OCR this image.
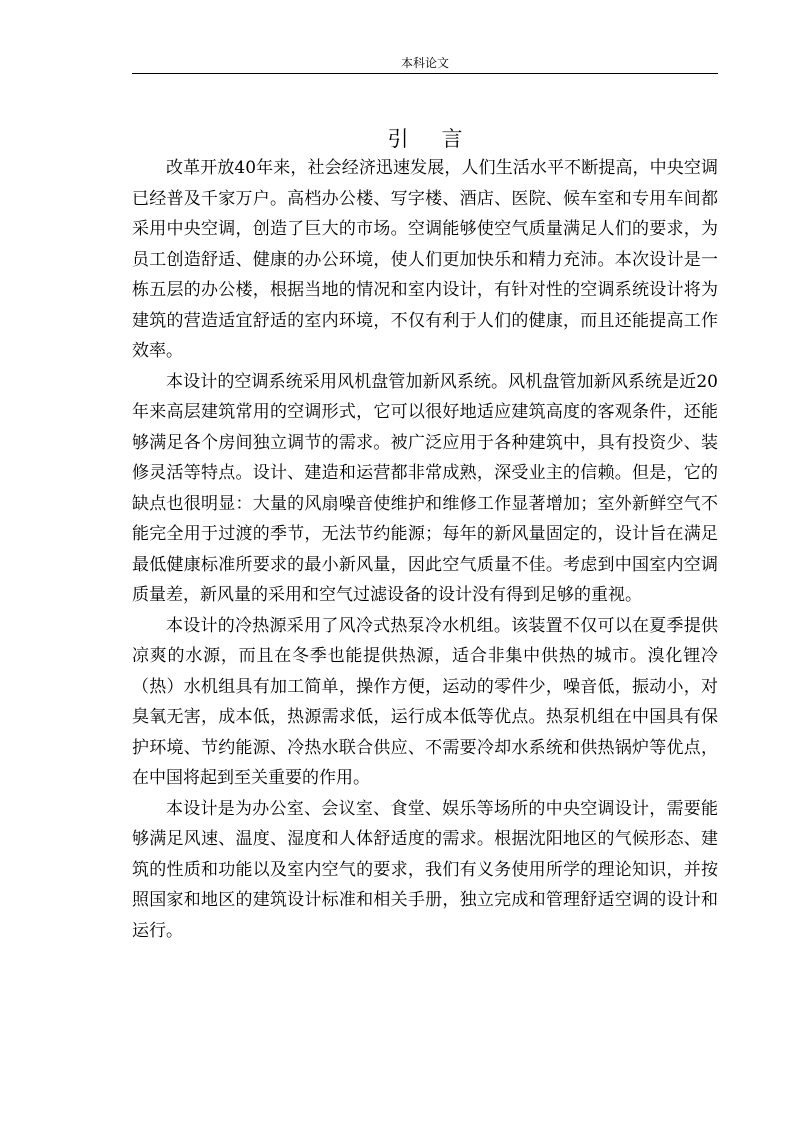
本科论文
引言

改革开放40年来，社会经济迅速发展，人们生活水平不断提高，中央空调已经普及千家万户。高档办公楼、写字楼、酒店、医院、候车室和专用车间都采用中央空调，创造了巨大的市场。空调能够使空气质量满足人们的要求，为员工创造舒适、健康的办公环境，使人们更加快乐和精力充沛。本次设计是一栋五层的办公楼，根据当地的情况和室内设计，有针对性的空调系统设计将为建筑的营造适宜舒适的室内环境，不仅有利于人们的健康，而且还能提高工作效率。

本设计的空调系统采用风机盘管加新风系统。风机盘管加新风系统是近20年来高层建筑常用的空调形式，它可以很好地适应建筑高度的客观条件，还能够满足各个房间独立调节的需求。被广泛应用于各种建筑中，具有投资少、装修灵活等特点。设计、建造和运营都非常成熟，深受业主的信赖。但是，它的缺点也很明显：大量的风扇噪音使维护和维修工作显著增加；室外新鲜空气不能完全用于过渡的季节，无法节约能源；每年的新风量固定的，设计旨在满足最低健康标准所要求的最小新风量，因此空气质量不佳。考虑到中国室内空调质量差，新风量的采用和空气过滤设备的设计没有得到足够的重视。

本设计的冷热源采用了风冷式热泵冷水机组。该装置不仅可以在夏季提供凉爽的水源，而且在冬季也能提供热源，适合非集中供热的城市。溴化锂冷（热）水机组具有加工简单，操作方便，运动的零件少，噪音低，振动小，对臭氧无害，成本低，热源需求低，运行成本低等优点。热泵机组在中国具有保护环境、节约能源、冷热水联合供应、不需要冷却水系统和供热锅炉等优点，在中国将起到至关重要的作用。

本设计是为办公室、会议室、食堂、娱乐等场所的中央空调设计，需要能够满足风速、温度、湿度和人体舒适度的需求。根据沈阳地区的气候形态、建筑的性质和功能以及室内空气的要求，我们有义务使用所学的理论知识，并按照国家和地区的建筑设计标准和相关手册，独立完成和管理舒适空调的设计和运行。
